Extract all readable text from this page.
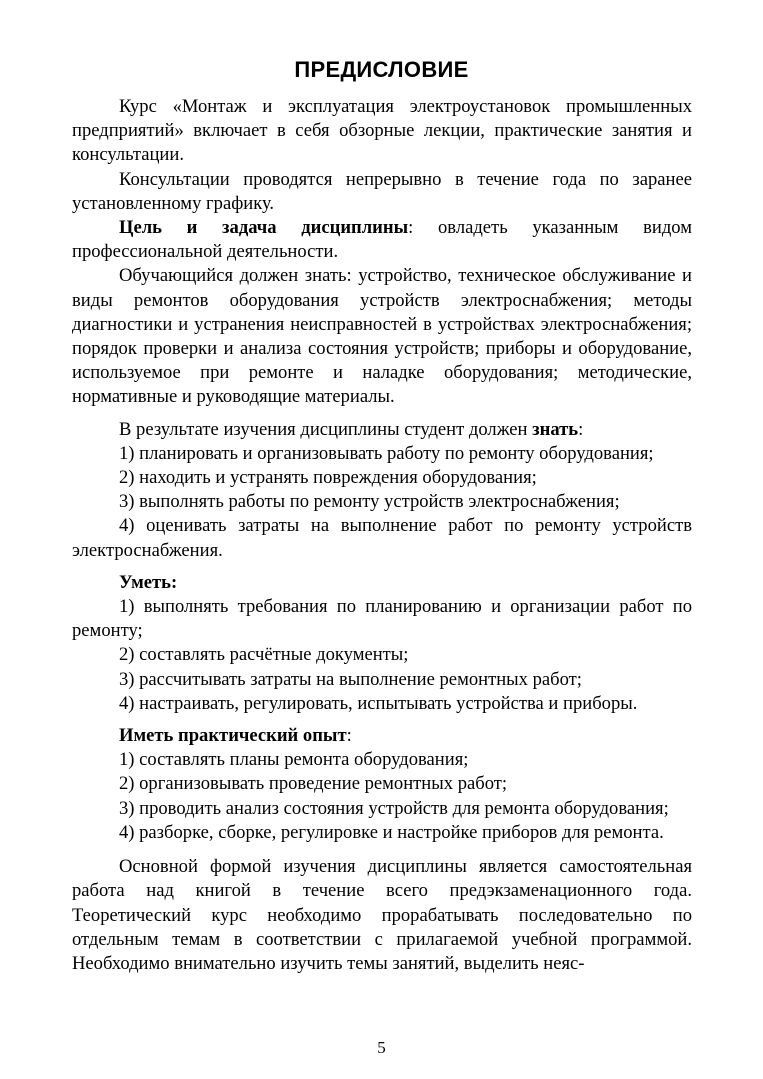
ПРЕДИСЛОВИЕ

Курс «Монтаж и эксплуатация электроустановок промышленных предприятий» включает в себя обзорные лекции, практические занятия и консультации.

Консультации проводятся непрерывно в течение года по заранее установленному графику.

Цель и задача дисциплины: овладеть указанным видом профессиональной деятельности.

Обучающийся должен знать: устройство, техническое обслуживание и виды ремонтов оборудования устройств электроснабжения; методы диагностики и устранения неисправностей в устройствах электроснабжения; порядок проверки и анализа состояния устройств; приборы и оборудование, используемое при ремонте и наладке оборудования; методические, нормативные и руководящие материалы.

В результате изучения дисциплины студент должен знать:

1) планировать и организовывать работу по ремонту оборудования;

2) находить и устранять повреждения оборудования;

3) выполнять работы по ремонту устройств электроснабжения;

4) оценивать затраты на выполнение работ по ремонту устройств электроснабжения.

Уметь:

1) выполнять требования по планированию и организации работ по ремонту;

2) составлять расчётные документы;

3) рассчитывать затраты на выполнение ремонтных работ;

4) настраивать, регулировать, испытывать устройства и приборы.

Иметь практический опыт:

1) составлять планы ремонта оборудования;

2) организовывать проведение ремонтных работ;

3) проводить анализ состояния устройств для ремонта оборудования;

4) разборке, сборке, регулировке и настройке приборов для ремонта.

Основной формой изучения дисциплины является самостоятельная работа над книгой в течение всего предэкзаменационного года. Теоретический курс необходимо прорабатывать последовательно по отдельным темам в соответствии с прилагаемой учебной программой. Необходимо внимательно изучить темы занятий, выделить неяс-

5
